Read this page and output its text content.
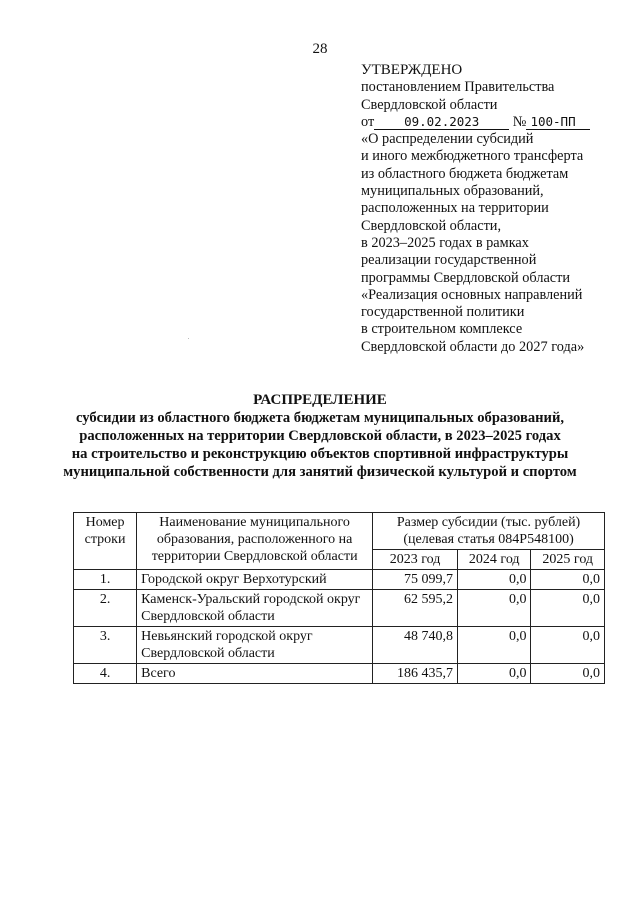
28
УТВЕРЖДЕНО
постановлением Правительства
Свердловской области
от 09.02.2023 № 100-ПП
«О распределении субсидий
и иного межбюджетного трансферта
из областного бюджета бюджетам
муниципальных образований,
расположенных на территории
Свердловской области,
в 2023–2025 годах в рамках
реализации государственной
программы Свердловской области
«Реализация основных направлений
государственной политики
в строительном комплексе
Свердловской области до 2027 года»
РАСПРЕДЕЛЕНИЕ
субсидии из областного бюджета бюджетам муниципальных образований,
расположенных на территории Свердловской области, в 2023–2025 годах
на строительство и реконструкцию объектов спортивной инфраструктуры
муниципальной собственности для занятий физической культурой и спортом
Номер строки	Наименование муниципального образования, расположенного на территории Свердловской области	Размер субсидии (тыс. рублей) (целевая статья 084P548100)		
		2023 год	2024 год	2025 год
1.	Городской округ Верхотурский	75 099,7	0,0	0,0
2.	Каменск-Уральский городской округ Свердловской области	62 595,2	0,0	0,0
3.	Невьянский городской округ Свердловской области	48 740,8	0,0	0,0
4.	Всего	186 435,7	0,0	0,0
